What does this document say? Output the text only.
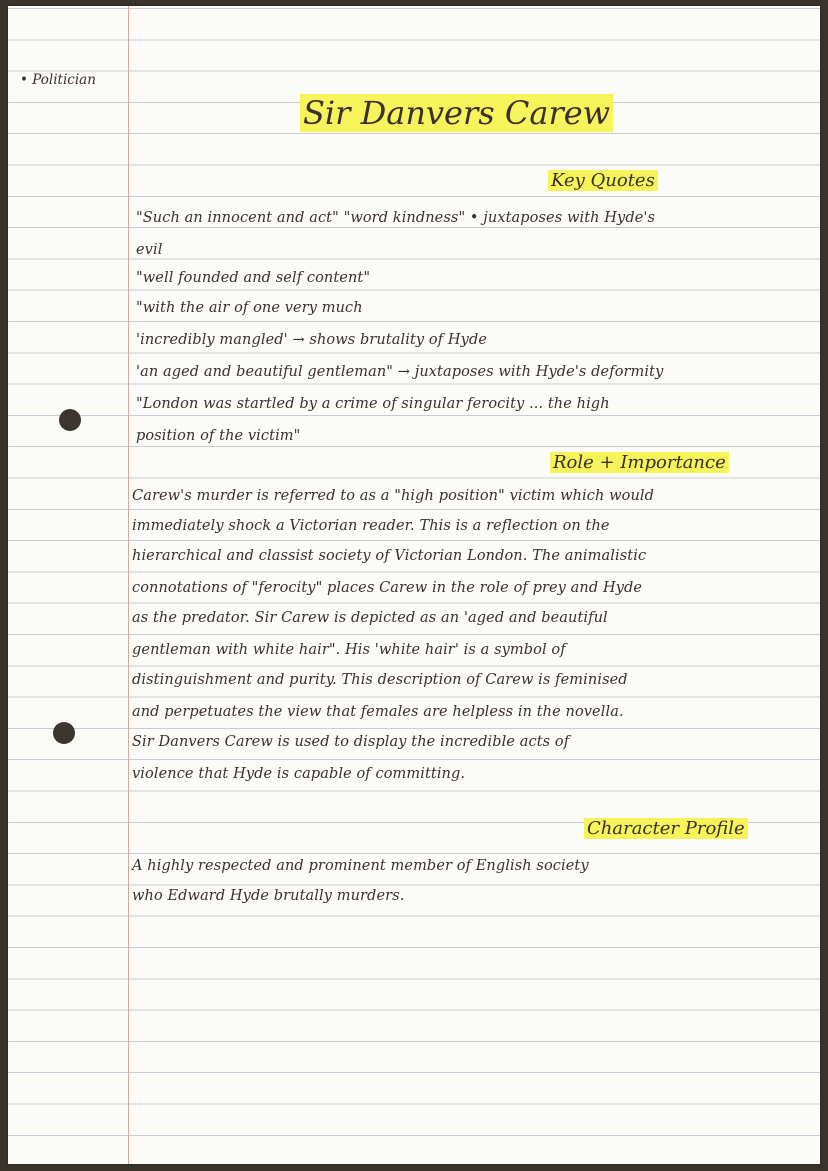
• Politician
Sir Danvers Carew
Key Quotes
"Such an innocent and act" "word kindness" • juxtaposes with Hyde's
evil
"well founded and self content"
"with the air of one very much
'incredibly mangled' → shows brutality of Hyde
'an aged and beautiful gentleman" → juxtaposes with Hyde's deformity
"London was startled by a crime of singular ferocity ... the high
position of the victim"
Role + Importance
Carew's murder is referred to as a "high position" victim which would
immediately shock a Victorian reader. This is a reflection on the
hierarchical and classist society of Victorian London. The animalistic
connotations of "ferocity" places Carew in the role of prey and Hyde
as the predator. Sir Carew is depicted as an 'aged and beautiful
gentleman with white hair". His 'white hair' is a symbol of
distinguishment and purity. This description of Carew is feminised
and perpetuates the view that females are helpless in the novella.
Sir Danvers Carew is used to display the incredible acts of
violence that Hyde is capable of committing.
Character Profile
A highly respected and prominent member of English society
who Edward Hyde brutally murders.
